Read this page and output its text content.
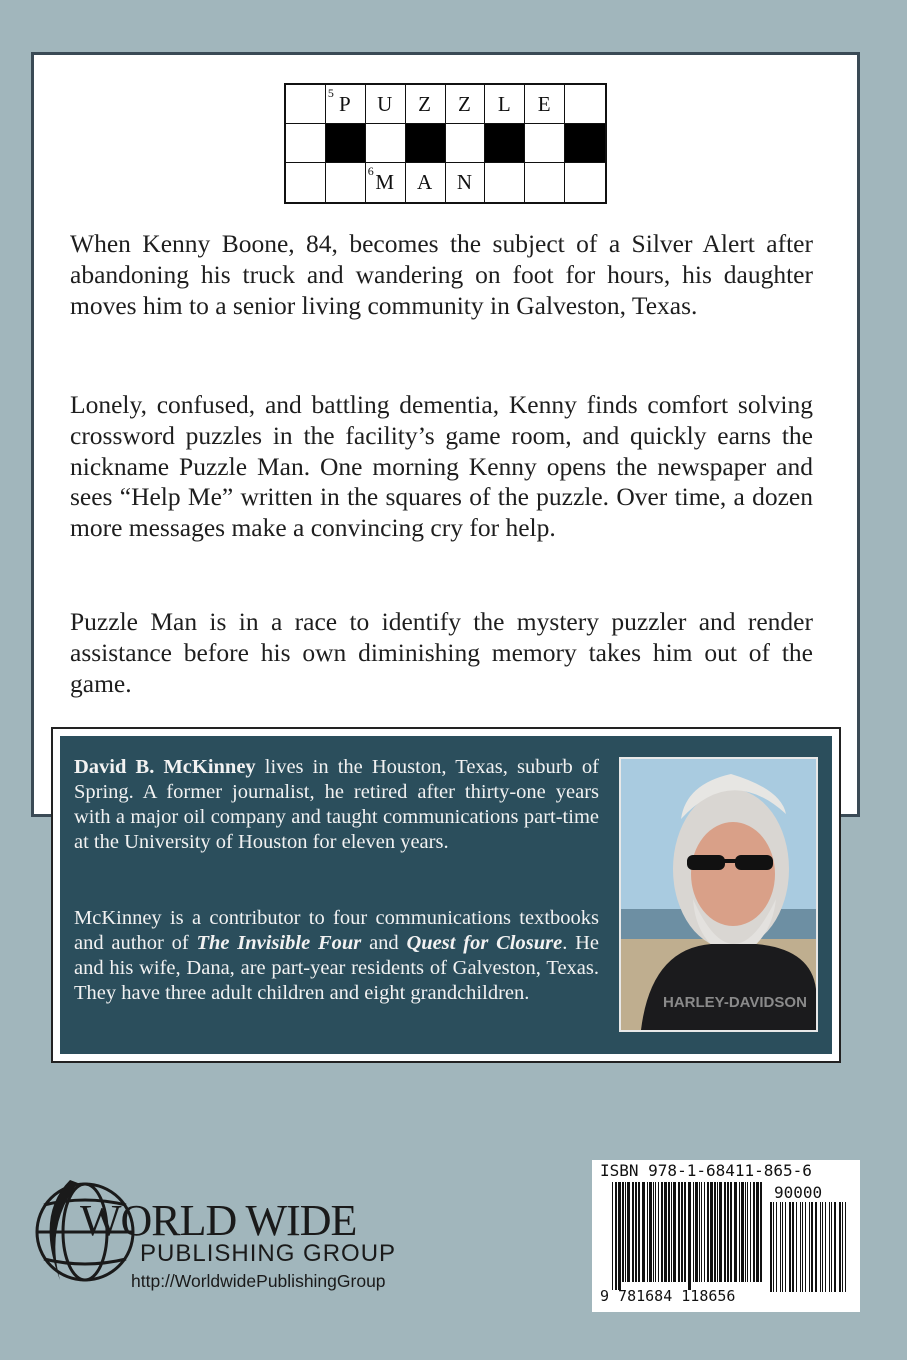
5 P U Z Z L E
6 M A N

When Kenny Boone, 84, becomes the subject of a Silver Alert after abandoning his truck and wandering on foot for hours, his daughter moves him to a senior living community in Galveston, Texas.

Lonely, confused, and battling dementia, Kenny finds comfort solving crossword puzzles in the facility’s game room, and quickly earns the nickname Puzzle Man. One morning Kenny opens the newspaper and sees “Help Me” written in the squares of the puzzle. Over time, a dozen more messages make a convincing cry for help.

Puzzle Man is in a race to identify the mystery puzzler and render assistance before his own diminishing memory takes him out of the game.

David B. McKinney lives in the Houston, Texas, suburb of Spring. A former journalist, he retired after thirty-one years with a major oil company and taught communications part-time at the University of Houston for eleven years.

McKinney is a contributor to four communications textbooks and author of The Invisible Four and Quest for Closure. He and his wife, Dana, are part-year residents of Galveston, Texas. They have three adult children and eight grandchildren.	HARLEY-DAVIDSON
WORLD WIDE
PUBLISHING GROUP
http://WorldwidePublishingGroup
ISBN 978-1-68411-865-6
90000
9 781684 118656
